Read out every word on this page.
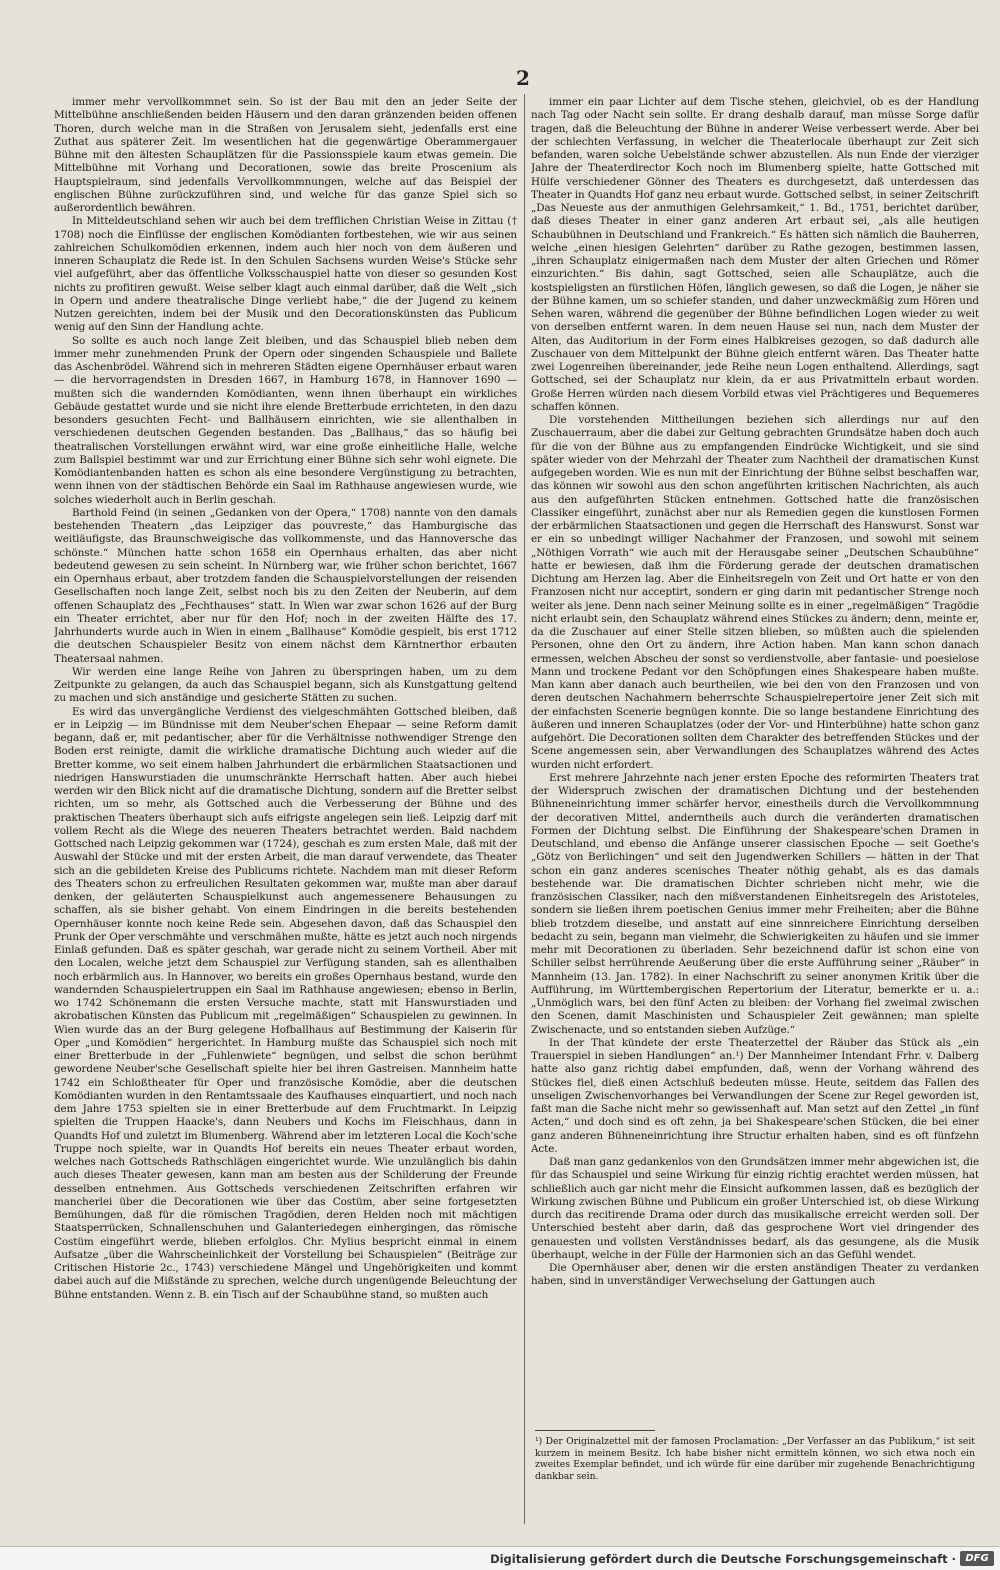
2

immer mehr vervollkommnet sein. So ist der Bau mit den an jeder Seite der Mittelbühne anschließenden beiden Häusern und den daran gränzenden beiden offenen Thoren, durch welche man in die Straßen von Jerusalem sieht, jedenfalls erst eine Zuthat aus späterer Zeit. Im wesentlichen hat die gegenwärtige Oberammergauer Bühne mit den ältesten Schauplätzen für die Passionsspiele kaum etwas gemein. Die Mittelbühne mit Vorhang und Decorationen, sowie das breite Proscenium als Hauptspielraum, sind jedenfalls Vervollkommnungen, welche auf das Beispiel der englischen Bühne zurückzuführen sind, und welche für das ganze Spiel sich so außerordentlich bewähren.

In Mitteldeutschland sehen wir auch bei dem trefflichen Christian Weise in Zittau († 1708) noch die Einflüsse der englischen Komödianten fortbestehen, wie wir aus seinen zahlreichen Schulkomödien erkennen, indem auch hier noch von dem äußeren und inneren Schauplatz die Rede ist. In den Schulen Sachsens wurden Weise's Stücke sehr viel aufgeführt, aber das öffentliche Volksschauspiel hatte von dieser so gesunden Kost nichts zu profitiren gewußt. Weise selber klagt auch einmal darüber, daß die Welt „sich in Opern und andere theatralische Dinge verliebt habe,“ die der Jugend zu keinem Nutzen gereichten, indem bei der Musik und den Decorationskünsten das Publicum wenig auf den Sinn der Handlung achte.

So sollte es auch noch lange Zeit bleiben, und das Schauspiel blieb neben dem immer mehr zunehmenden Prunk der Opern oder singenden Schauspiele und Ballete das Aschenbrödel. Während sich in mehreren Städten eigene Opernhäuser erbaut waren — die hervorragendsten in Dresden 1667, in Hamburg 1678, in Hannover 1690 — mußten sich die wandernden Komödianten, wenn ihnen überhaupt ein wirkliches Gebäude gestattet wurde und sie nicht ihre elende Bretterbude errichteten, in den dazu besonders gesuchten Fecht- und Ballhäusern einrichten, wie sie allenthalben in verschiedenen deutschen Gegenden bestanden. Das „Ballhaus,“ das so häufig bei theatralischen Vorstellungen erwähnt wird, war eine große einheitliche Halle, welche zum Ballspiel bestimmt war und zur Errichtung einer Bühne sich sehr wohl eignete. Die Komödiantenbanden hatten es schon als eine besondere Vergünstigung zu betrachten, wenn ihnen von der städtischen Behörde ein Saal im Rathhause angewiesen wurde, wie solches wiederholt auch in Berlin geschah.

Barthold Feind (in seinen „Gedanken von der Opera,“ 1708) nannte von den damals bestehenden Theatern „das Leipziger das pouvreste,“ das Hamburgische das weitläufigste, das Braunschweigische das vollkommenste, und das Hannoversche das schönste.“ München hatte schon 1658 ein Opernhaus erhalten, das aber nicht bedeutend gewesen zu sein scheint. In Nürnberg war, wie früher schon berichtet, 1667 ein Opernhaus erbaut, aber trotzdem fanden die Schauspielvorstellungen der reisenden Gesellschaften noch lange Zeit, selbst noch bis zu den Zeiten der Neuberin, auf dem offenen Schauplatz des „Fechthauses“ statt. In Wien war zwar schon 1626 auf der Burg ein Theater errichtet, aber nur für den Hof; noch in der zweiten Hälfte des 17. Jahrhunderts wurde auch in Wien in einem „Ballhause“ Komödie gespielt, bis erst 1712 die deutschen Schauspieler Besitz von einem nächst dem Kärntnerthor erbauten Theatersaal nahmen.

Wir werden eine lange Reihe von Jahren zu überspringen haben, um zu dem Zeitpunkte zu gelangen, da auch das Schauspiel begann, sich als Kunstgattung geltend zu machen und sich anständige und gesicherte Stätten zu suchen.

Es wird das unvergängliche Verdienst des vielgeschmähten Gottsched bleiben, daß er in Leipzig — im Bündnisse mit dem Neuber'schen Ehepaar — seine Reform damit begann, daß er, mit pedantischer, aber für die Verhältnisse nothwendiger Strenge den Boden erst reinigte, damit die wirkliche dramatische Dichtung auch wieder auf die Bretter komme, wo seit einem halben Jahrhundert die erbärmlichen Staatsactionen und niedrigen Hanswurstiaden die unumschränkte Herrschaft hatten. Aber auch hiebei werden wir den Blick nicht auf die dramatische Dichtung, sondern auf die Bretter selbst richten, um so mehr, als Gottsched auch die Verbesserung der Bühne und des praktischen Theaters überhaupt sich aufs eifrigste angelegen sein ließ. Leipzig darf mit vollem Recht als die Wiege des neueren Theaters betrachtet werden. Bald nachdem Gottsched nach Leipzig gekommen war (1724), geschah es zum ersten Male, daß mit der Auswahl der Stücke und mit der ersten Arbeit, die man darauf verwendete, das Theater sich an die gebildeten Kreise des Publicums richtete. Nachdem man mit dieser Reform des Theaters schon zu erfreulichen Resultaten gekommen war, mußte man aber darauf denken, der geläuterten Schauspielkunst auch angemessenere Behausungen zu schaffen, als sie bisher gehabt. Von einem Eindringen in die bereits bestehenden Opernhäuser konnte noch keine Rede sein. Abgesehen davon, daß das Schauspiel den Prunk der Oper verschmähte und verschmähen mußte, hätte es jetzt auch noch nirgends Einlaß gefunden. Daß es später geschah, war gerade nicht zu seinem Vortheil. Aber mit den Localen, welche jetzt dem Schauspiel zur Verfügung standen, sah es allenthalben noch erbärmlich aus. In Hannover, wo bereits ein großes Opernhaus bestand, wurde den wandernden Schauspielertruppen ein Saal im Rathhause angewiesen; ebenso in Berlin, wo 1742 Schönemann die ersten Versuche machte, statt mit Hanswurstiaden und akrobatischen Künsten das Publicum mit „regelmäßigen“ Schauspielen zu gewinnen. In Wien wurde das an der Burg gelegene Hofballhaus auf Bestimmung der Kaiserin für Oper „und Komödien“ hergerichtet. In Hamburg mußte das Schauspiel sich noch mit einer Bretterbude in der „Fuhlenwiete“ begnügen, und selbst die schon berühmt gewordene Neuber'sche Gesellschaft spielte hier bei ihren Gastreisen. Mannheim hatte 1742 ein Schloßtheater für Oper und französische Komödie, aber die deutschen Komödianten wurden in den Rentamtssaale des Kaufhauses einquartiert, und noch nach dem Jahre 1753 spielten sie in einer Bretterbude auf dem Fruchtmarkt. In Leipzig spielten die Truppen Haacke's, dann Neubers und Kochs im Fleischhaus, dann in Quandts Hof und zuletzt im Blumenberg. Während aber im letzteren Local die Koch'sche Truppe noch spielte, war in Quandts Hof bereits ein neues Theater erbaut worden, welches nach Gottscheds Rathschlägen eingerichtet wurde. Wie unzulänglich bis dahin auch dieses Theater gewesen, kann man am besten aus der Schilderung der Freunde desselben entnehmen. Aus Gottscheds verschiedenen Zeitschriften erfahren wir mancherlei über die Decorationen wie über das Costüm, aber seine fortgesetzten Bemühungen, daß für die römischen Tragödien, deren Helden noch mit mächtigen Staatsperrücken, Schnallenschuhen und Galanteriedegen einhergingen, das römische Costüm eingeführt werde, blieben erfolglos. Chr. Mylius bespricht einmal in einem Aufsatze „über die Wahrscheinlichkeit der Vorstellung bei Schauspielen“ (Beiträge zur Critischen Historie 2c., 1743) verschiedene Mängel und Ungehörigkeiten und kommt dabei auch auf die Mißstände zu sprechen, welche durch ungenügende Beleuchtung der Bühne entstanden. Wenn z. B. ein Tisch auf der Schaubühne stand, so mußten auch

immer ein paar Lichter auf dem Tische stehen, gleichviel, ob es der Handlung nach Tag oder Nacht sein sollte. Er drang deshalb darauf, man müsse Sorge dafür tragen, daß die Beleuchtung der Bühne in anderer Weise verbessert werde. Aber bei der schlechten Verfassung, in welcher die Theaterlocale überhaupt zur Zeit sich befanden, waren solche Uebelstände schwer abzustellen. Als nun Ende der vierziger Jahre der Theaterdirector Koch noch im Blumenberg spielte, hatte Gottsched mit Hülfe verschiedener Gönner des Theaters es durchgesetzt, daß unterdessen das Theater in Quandts Hof ganz neu erbaut wurde. Gottsched selbst, in seiner Zeitschrift „Das Neueste aus der anmuthigen Gelehrsamkeit,“ 1. Bd., 1751, berichtet darüber, daß dieses Theater in einer ganz anderen Art erbaut sei, „als alle heutigen Schaubühnen in Deutschland und Frankreich.“ Es hätten sich nämlich die Bauherren, welche „einen hiesigen Gelehrten“ darüber zu Rathe gezogen, bestimmen lassen, „ihren Schauplatz einigermaßen nach dem Muster der alten Griechen und Römer einzurichten.“ Bis dahin, sagt Gottsched, seien alle Schauplätze, auch die kostspieligsten an fürstlichen Höfen, länglich gewesen, so daß die Logen, je näher sie der Bühne kamen, um so schiefer standen, und daher unzweckmäßig zum Hören und Sehen waren, während die gegenüber der Bühne befindlichen Logen wieder zu weit von derselben entfernt waren. In dem neuen Hause sei nun, nach dem Muster der Alten, das Auditorium in der Form eines Halbkreises gezogen, so daß dadurch alle Zuschauer von dem Mittelpunkt der Bühne gleich entfernt wären. Das Theater hatte zwei Logenreihen übereinander, jede Reihe neun Logen enthaltend. Allerdings, sagt Gottsched, sei der Schauplatz nur klein, da er aus Privatmitteln erbaut worden. Große Herren würden nach diesem Vorbild etwas viel Prächtigeres und Bequemeres schaffen können.

Die vorstehenden Mittheilungen beziehen sich allerdings nur auf den Zuschauerraum, aber die dabei zur Geltung gebrachten Grundsätze haben doch auch für die von der Bühne aus zu empfangenden Eindrücke Wichtigkeit, und sie sind später wieder von der Mehrzahl der Theater zum Nachtheil der dramatischen Kunst aufgegeben worden. Wie es nun mit der Einrichtung der Bühne selbst beschaffen war, das können wir sowohl aus den schon angeführten kritischen Nachrichten, als auch aus den aufgeführten Stücken entnehmen. Gottsched hatte die französischen Classiker eingeführt, zunächst aber nur als Remedien gegen die kunstlosen Formen der erbärmlichen Staatsactionen und gegen die Herrschaft des Hanswurst. Sonst war er ein so unbedingt williger Nachahmer der Franzosen, und sowohl mit seinem „Nöthigen Vorrath“ wie auch mit der Herausgabe seiner „Deutschen Schaubühne“ hatte er bewiesen, daß ihm die Förderung gerade der deutschen dramatischen Dichtung am Herzen lag. Aber die Einheitsregeln von Zeit und Ort hatte er von den Franzosen nicht nur acceptirt, sondern er ging darin mit pedantischer Strenge noch weiter als jene. Denn nach seiner Meinung sollte es in einer „regelmäßigen“ Tragödie nicht erlaubt sein, den Schauplatz während eines Stückes zu ändern; denn, meinte er, da die Zuschauer auf einer Stelle sitzen blieben, so müßten auch die spielenden Personen, ohne den Ort zu ändern, ihre Action haben. Man kann schon danach ermessen, welchen Abscheu der sonst so verdienstvolle, aber fantasie- und poesielose Mann und trockene Pedant vor den Schöpfungen eines Shakespeare haben mußte. Man kann aber danach auch beurtheilen, wie bei den von den Franzosen und von deren deutschen Nachahmern beherrschte Schauspielrepertoire jener Zeit sich mit der einfachsten Scenerie begnügen konnte. Die so lange bestandene Einrichtung des äußeren und inneren Schauplatzes (oder der Vor- und Hinterbühne) hatte schon ganz aufgehört. Die Decorationen sollten dem Charakter des betreffenden Stückes und der Scene angemessen sein, aber Verwandlungen des Schauplatzes während des Actes wurden nicht erfordert.

Erst mehrere Jahrzehnte nach jener ersten Epoche des reformirten Theaters trat der Widerspruch zwischen der dramatischen Dichtung und der bestehenden Bühneneinrichtung immer schärfer hervor, einestheils durch die Vervollkommnung der decorativen Mittel, anderntheils auch durch die veränderten dramatischen Formen der Dichtung selbst. Die Einführung der Shakespeare'schen Dramen in Deutschland, und ebenso die Anfänge unserer classischen Epoche — seit Goethe's „Götz von Berlichingen“ und seit den Jugendwerken Schillers — hätten in der That schon ein ganz anderes scenisches Theater nöthig gehabt, als es das damals bestehende war. Die dramatischen Dichter schrieben nicht mehr, wie die französischen Classiker, nach den mißverstandenen Einheitsregeln des Aristoteles, sondern sie ließen ihrem poetischen Genius immer mehr Freiheiten; aber die Bühne blieb trotzdem dieselbe, und anstatt auf eine sinnreichere Einrichtung derselben bedacht zu sein, begann man vielmehr, die Schwierigkeiten zu häufen und sie immer mehr mit Decorationen zu überladen. Sehr bezeichnend dafür ist schon eine von Schiller selbst herrührende Aeußerung über die erste Aufführung seiner „Räuber“ in Mannheim (13. Jan. 1782). In einer Nachschrift zu seiner anonymen Kritik über die Aufführung, im Württembergischen Repertorium der Literatur, bemerkte er u. a.: „Unmöglich wars, bei den fünf Acten zu bleiben: der Vorhang fiel zweimal zwischen den Scenen, damit Maschinisten und Schauspieler Zeit gewännen; man spielte Zwischenacte, und so entstanden sieben Aufzüge.“

In der That kündete der erste Theaterzettel der Räuber das Stück als „ein Trauerspiel in sieben Handlungen“ an.¹) Der Mannheimer Intendant Frhr. v. Dalberg hatte also ganz richtig dabei empfunden, daß, wenn der Vorhang während des Stückes fiel, dieß einen Actschluß bedeuten müsse. Heute, seitdem das Fallen des unseligen Zwischenvorhanges bei Verwandlungen der Scene zur Regel geworden ist, faßt man die Sache nicht mehr so gewissenhaft auf. Man setzt auf den Zettel „in fünf Acten,“ und doch sind es oft zehn, ja bei Shakespeare'schen Stücken, die bei einer ganz anderen Bühneneinrichtung ihre Structur erhalten haben, sind es oft fünfzehn Acte.

Daß man ganz gedankenlos von den Grundsätzen immer mehr abgewichen ist, die für das Schauspiel und seine Wirkung für einzig richtig erachtet werden müssen, hat schließlich auch gar nicht mehr die Einsicht aufkommen lassen, daß es bezüglich der Wirkung zwischen Bühne und Publicum ein großer Unterschied ist, ob diese Wirkung durch das recitirende Drama oder durch das musikalische erreicht werden soll. Der Unterschied besteht aber darin, daß das gesprochene Wort viel dringender des genauesten und vollsten Verständnisses bedarf, als das gesungene, als die Musik überhaupt, welche in der Fülle der Harmonien sich an das Gefühl wendet.

Die Opernhäuser aber, denen wir die ersten anständigen Theater zu verdanken haben, sind in unverständiger Verwechselung der Gattungen auch

¹) Der Originalzettel mit der famosen Proclamation: „Der Verfasser an das Publikum,“ ist seit kurzem in meinem Besitz. Ich habe bisher nicht ermitteln können, wo sich etwa noch ein zweites Exemplar befindet, und ich würde für eine darüber mir zugehende Benachrichtigung dankbar sein.
Digitalisierung gefördert durch die Deutsche Forschungsgemeinschaft · DFG
